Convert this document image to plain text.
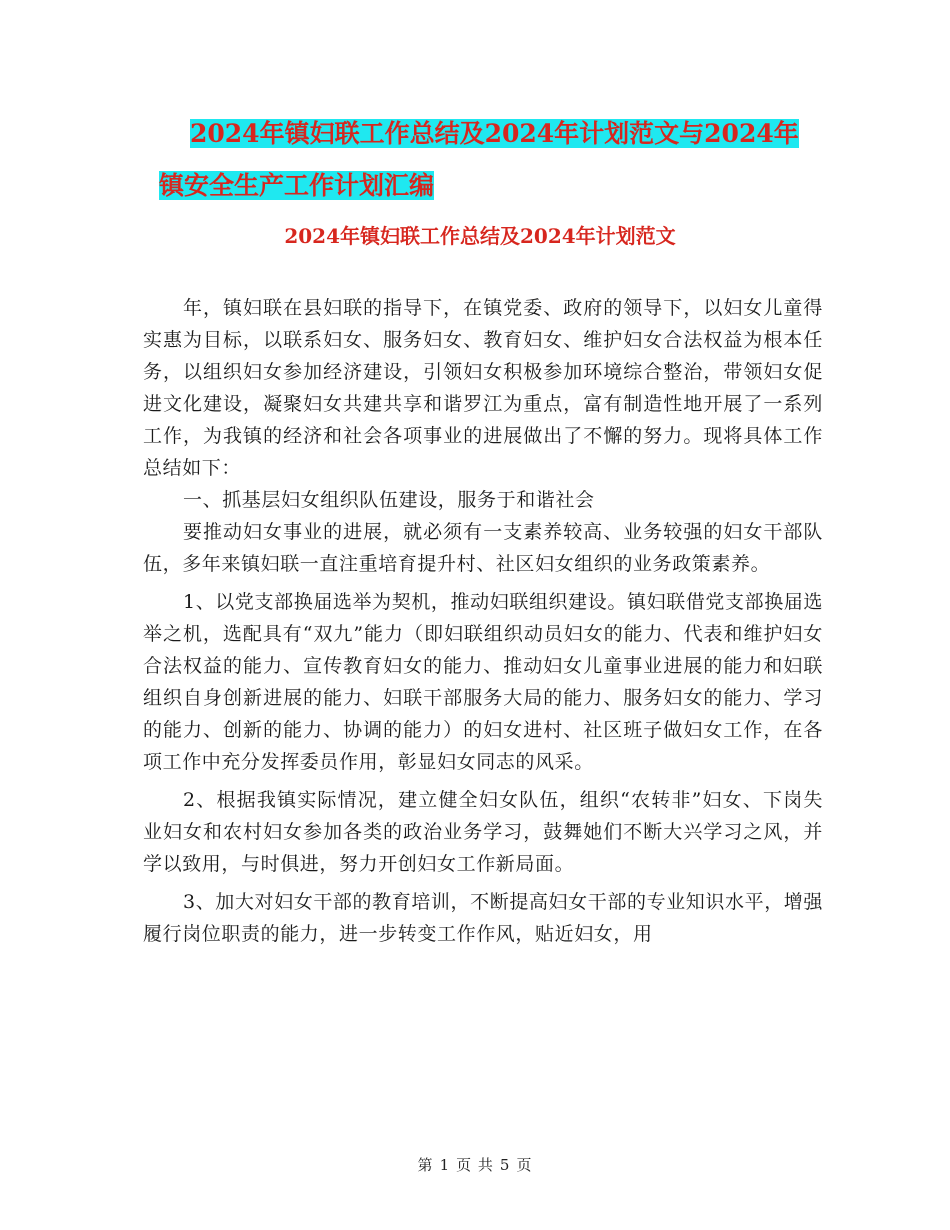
2024年镇妇联工作总结及2024年计划范文与2024年
镇安全生产工作计划汇编
2024年镇妇联工作总结及2024年计划范文

年，镇妇联在县妇联的指导下，在镇党委、政府的领导下，以妇女儿童得实惠为目标，以联系妇女、服务妇女、教育妇女、维护妇女合法权益为根本任务，以组织妇女参加经济建设，引领妇女积极参加环境综合整治，带领妇女促进文化建设，凝聚妇女共建共享和谐罗江为重点，富有制造性地开展了一系列工作，为我镇的经济和社会各项事业的进展做出了不懈的努力。现将具体工作总结如下：

一、抓基层妇女组织队伍建设，服务于和谐社会

要推动妇女事业的进展，就必须有一支素养较高、业务较强的妇女干部队伍，多年来镇妇联一直注重培育提升村、社区妇女组织的业务政策素养。

1、以党支部换届选举为契机，推动妇联组织建设。镇妇联借党支部换届选举之机，选配具有“双九”能力（即妇联组织动员妇女的能力、代表和维护妇女合法权益的能力、宣传教育妇女的能力、推动妇女儿童事业进展的能力和妇联组织自身创新进展的能力、妇联干部服务大局的能力、服务妇女的能力、学习的能力、创新的能力、协调的能力）的妇女进村、社区班子做妇女工作，在各项工作中充分发挥委员作用，彰显妇女同志的风采。

2、根据我镇实际情况，建立健全妇女队伍，组织“农转非”妇女、下岗失业妇女和农村妇女参加各类的政治业务学习，鼓舞她们不断大兴学习之风，并学以致用，与时俱进，努力开创妇女工作新局面。

3、加大对妇女干部的教育培训，不断提高妇女干部的专业知识水平，增强履行岗位职责的能力，进一步转变工作作风，贴近妇女，用

第 1 页 共 5 页
